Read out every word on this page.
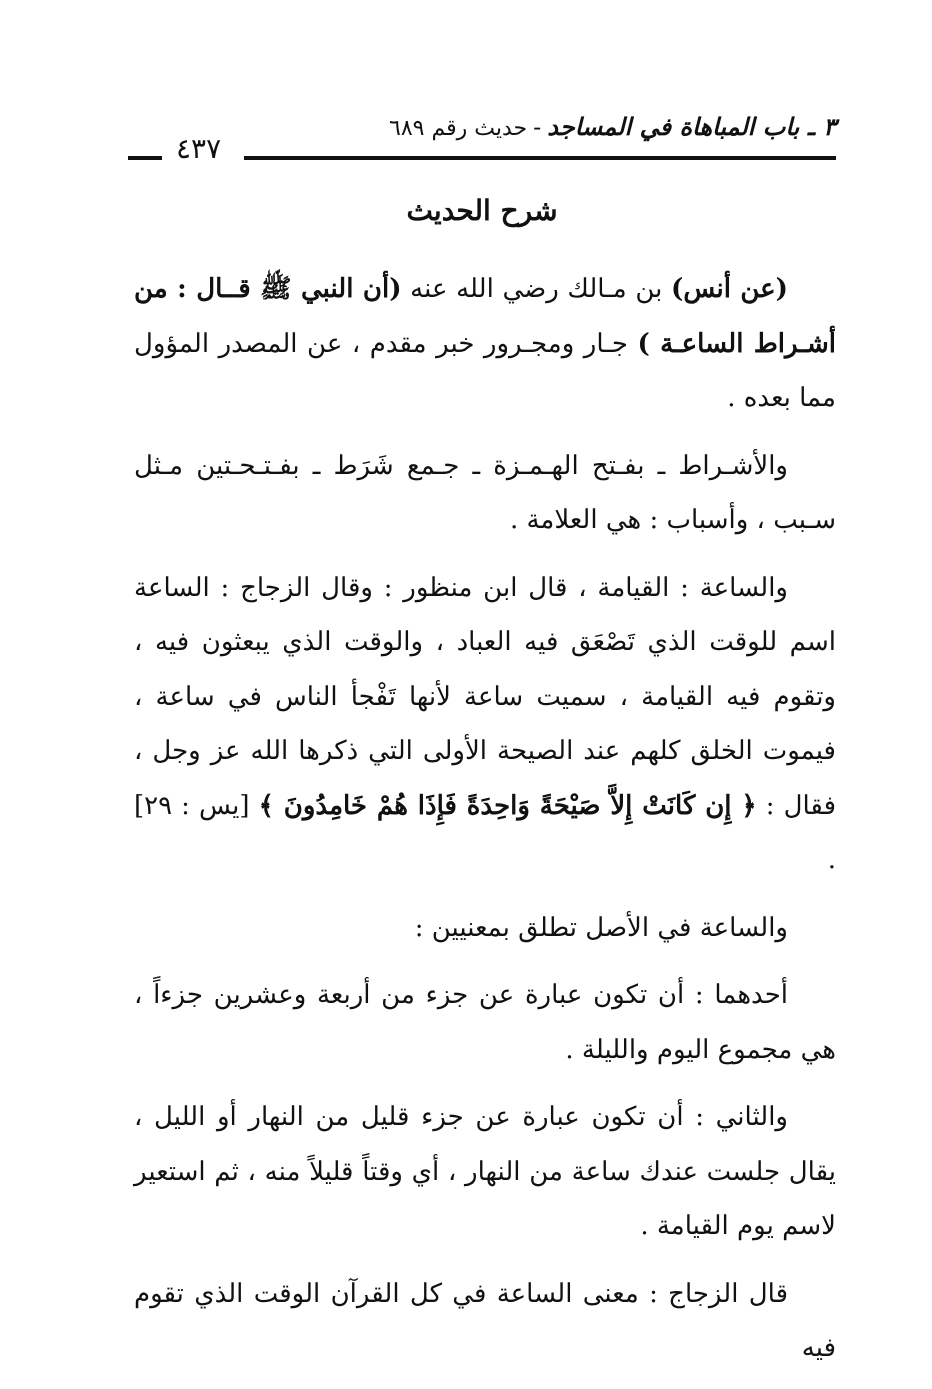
٣ ـ باب المباهاة في المساجد-حديث رقم ٦٨٩
٤٣٧
شرح الحديث

(عن أنس) بن مـالك رضي الله عنه (أن النبي ﷺ قــال : من أشـراط الساعـة ) جـار ومجـرور خبر مقدم ، عن المصدر المؤول مما بعده .

والأشـراط ـ بفـتح الهـمـزة ـ جـمع شَرَط ـ بفـتـحـتين مـثل سـبب ، وأسباب : هي العلامة .

والساعة : القيامة ، قال ابن منظور : وقال الزجاج : الساعة اسم للوقت الذي تَصْعَق فيه العباد ، والوقت الذي يبعثون فيه ، وتقوم فيه القيامة ، سميت ساعة لأنها تَفْجأ الناس في ساعة ، فيموت الخلق كلهم عند الصيحة الأولى التي ذكرها الله عز وجل ، فقال : ﴿ إِن كَانَتْ إِلاَّ صَيْحَةً وَاحِدَةً فَإِذَا هُمْ خَامِدُونَ ﴾ [يس : ٢٩] .

والساعة في الأصل تطلق بمعنيين :

أحدهما : أن تكون عبارة عن جزء من أربعة وعشرين جزءاً ، هي مجموع اليوم والليلة .

والثاني : أن تكون عبارة عن جزء قليل من النهار أو الليل ، يقال جلست عندك ساعة من النهار ، أي وقتاً قليلاً منه ، ثم استعير لاسم يوم القيامة .

قال الزجاج : معنى الساعة في كل القرآن الوقت الذي تقوم فيه
